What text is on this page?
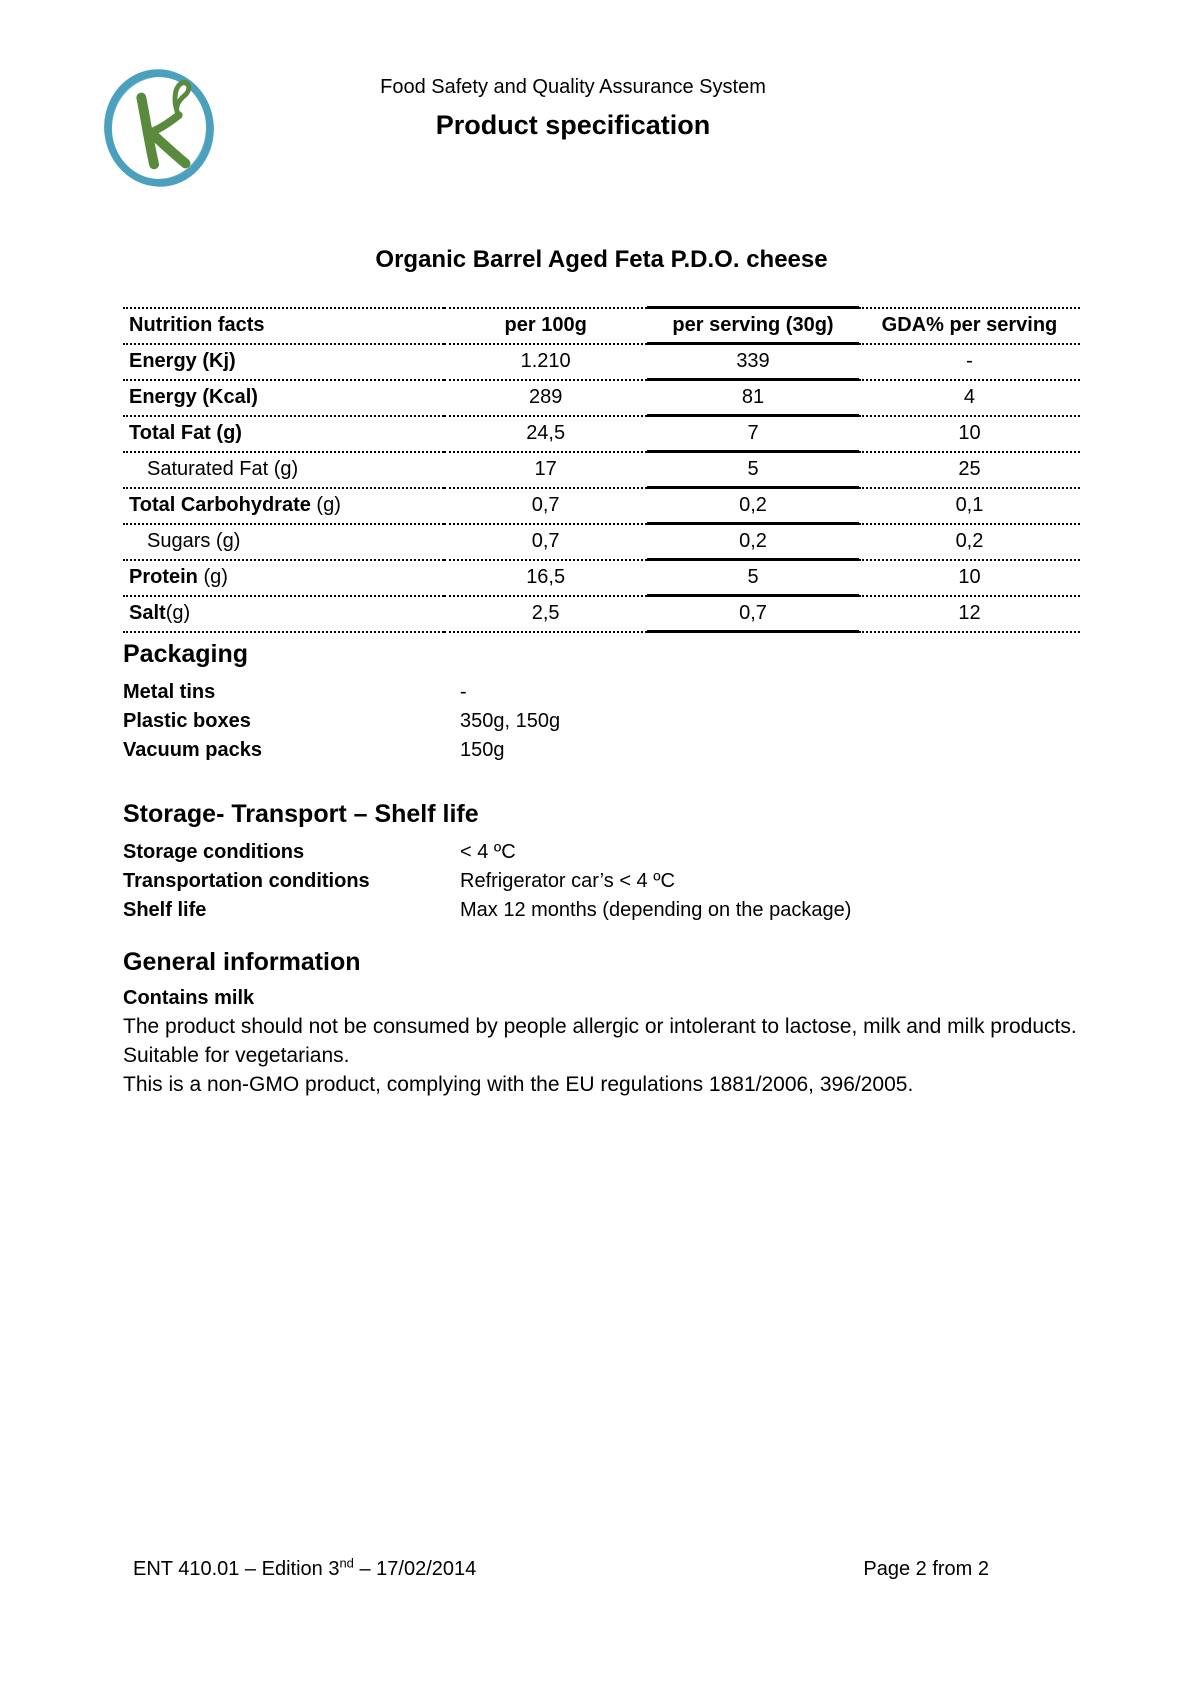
Food Safety and Quality Assurance System
Product specification
Organic Barrel Aged Feta P.D.O. cheese
Nutrition facts	per 100g	per serving (30g)	GDA% per serving
Energy (Kj)	1.210	339	-
Energy (Kcal)	289	81	4
Total Fat (g)	24,5	7	10
Saturated Fat (g)	17	5	25
Total Carbohydrate (g)	0,7	0,2	0,1
Sugars (g)	0,7	0,2	0,2
Protein (g)	16,5	5	10
Salt(g)	2,5	0,7	12
Packaging
Metal tins	-
Plastic boxes	350g, 150g
Vacuum packs	150g
Storage- Transport – Shelf life
Storage conditions	< 4 ºC
Transportation conditions	Refrigerator car’s < 4 ºC
Shelf life	Max 12 months (depending on the package)
General information
Contains milk

The product should not be consumed by people allergic or intolerant to lactose, milk and milk products.

Suitable for vegetarians.

This is a non-GMO product, complying with the EU regulations 1881/2006, 396/2005.

ENT 410.01 – Edition 3nd – 17/02/2014	Page 2 from 2
